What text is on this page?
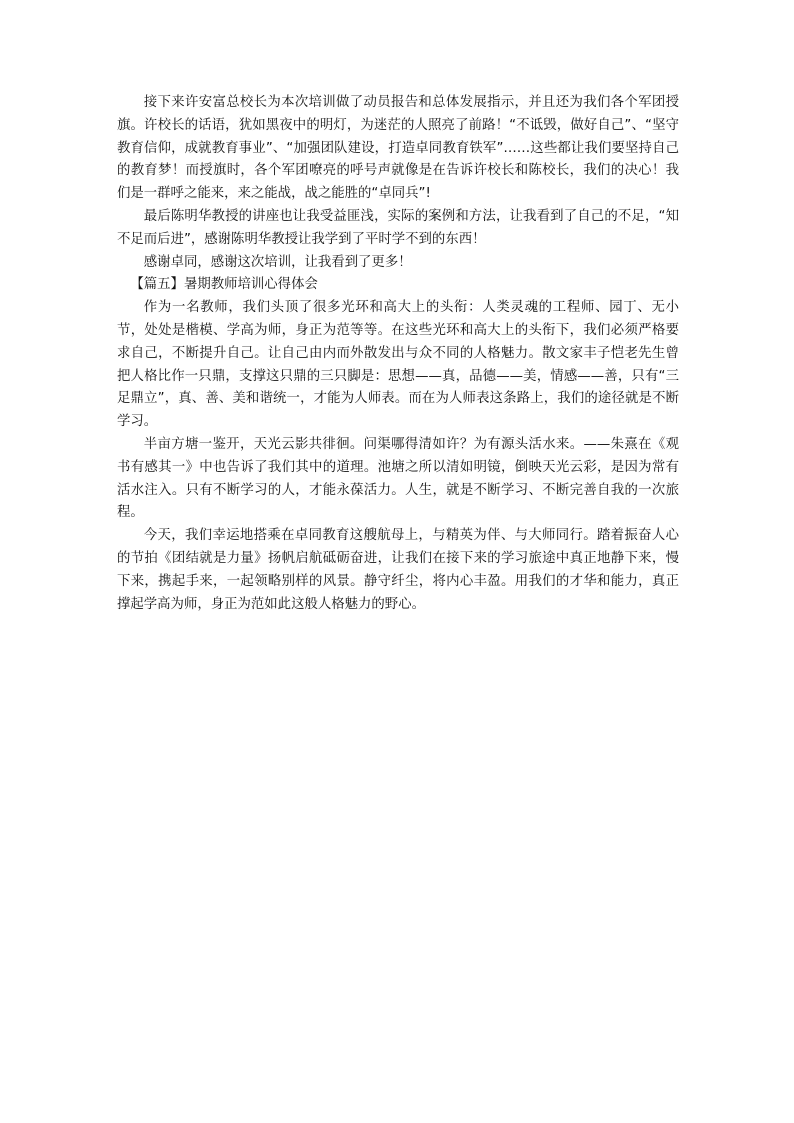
接下来许安富总校长为本次培训做了动员报告和总体发展指示，并且还为我们各个军团授旗。许校长的话语，犹如黑夜中的明灯，为迷茫的人照亮了前路！“不诋毁，做好自己”、“坚守教育信仰，成就教育事业”、“加强团队建设，打造卓同教育铁军”……这些都让我们要坚持自己的教育梦！而授旗时，各个军团嘹亮的呼号声就像是在告诉许校长和陈校长，我们的决心！我们是一群呼之能来，来之能战，战之能胜的“卓同兵”!

最后陈明华教授的讲座也让我受益匪浅，实际的案例和方法，让我看到了自己的不足，“知不足而后进”，感谢陈明华教授让我学到了平时学不到的东西！

感谢卓同，感谢这次培训，让我看到了更多！

【篇五】暑期教师培训心得体会

作为一名教师，我们头顶了很多光环和高大上的头衔：人类灵魂的工程师、园丁、无小节，处处是楷模、学高为师，身正为范等等。在这些光环和高大上的头衔下，我们必须严格要求自己，不断提升自己。让自己由内而外散发出与众不同的人格魅力。散文家丰子恺老先生曾把人格比作一只鼎，支撑这只鼎的三只脚是：思想——真，品德——美，情感——善，只有“三足鼎立”，真、善、美和谐统一，才能为人师表。而在为人师表这条路上，我们的途径就是不断学习。

半亩方塘一鉴开，天光云影共徘徊。问渠哪得清如许？为有源头活水来。——朱熹在《观书有感其一》中也告诉了我们其中的道理。池塘之所以清如明镜，倒映天光云彩，是因为常有活水注入。只有不断学习的人，才能永葆活力。人生，就是不断学习、不断完善自我的一次旅程。

今天，我们幸运地搭乘在卓同教育这艘航母上，与精英为伴、与大师同行。踏着振奋人心的节拍《团结就是力量》扬帆启航砥砺奋进，让我们在接下来的学习旅途中真正地静下来，慢下来，携起手来，一起领略别样的风景。静守纤尘，将内心丰盈。用我们的才华和能力，真正撑起学高为师，身正为范如此这般人格魅力的野心。
